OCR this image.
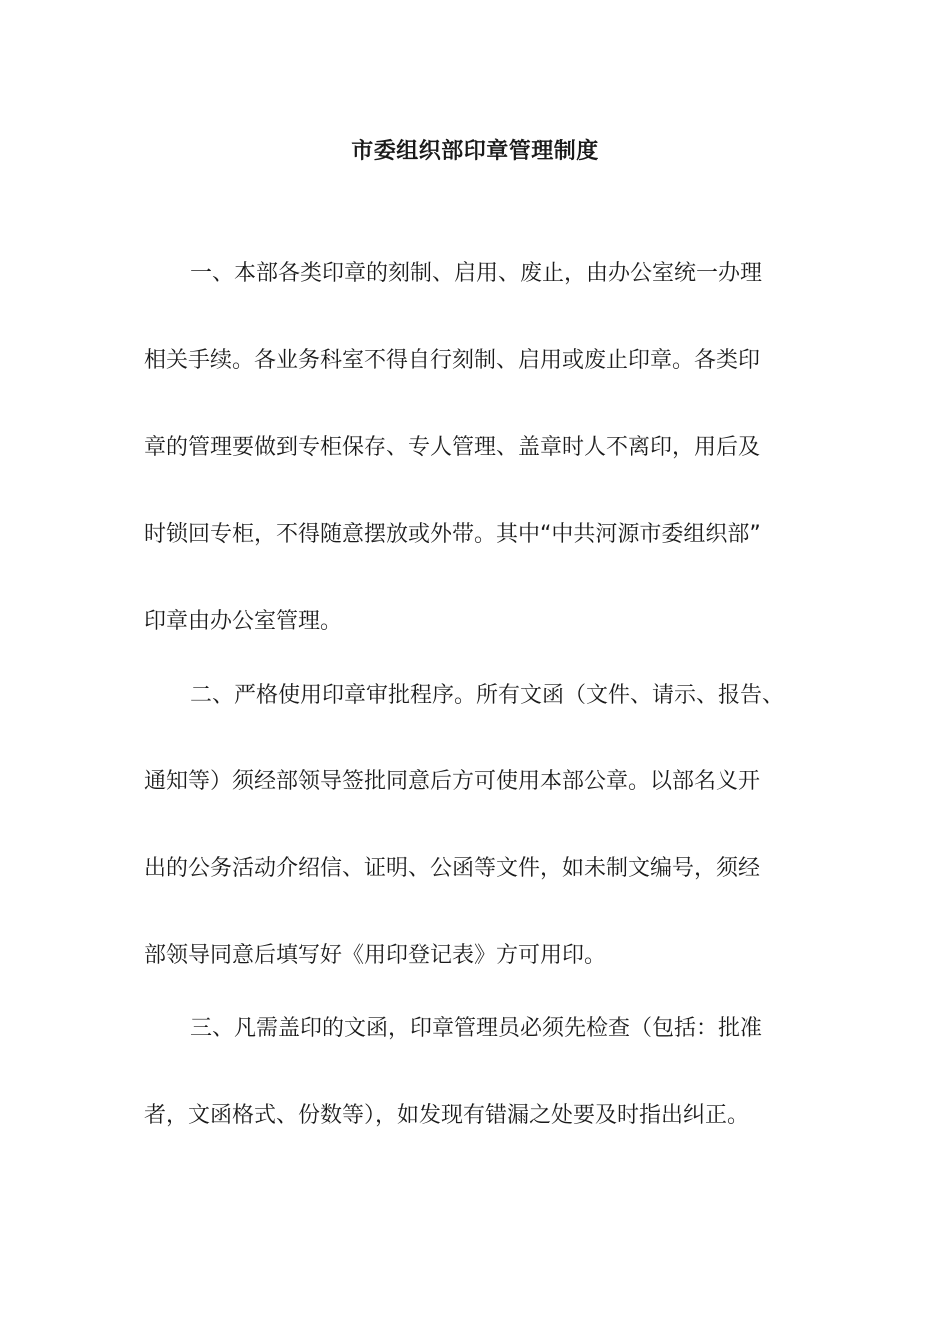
市委组织部印章管理制度
一、本部各类印章的刻制、启用、废止，由办公室统一办理
相关手续。各业务科室不得自行刻制、启用或废止印章。各类印
章的管理要做到专柜保存、专人管理、盖章时人不离印，用后及
时锁回专柜，不得随意摆放或外带。其中“中共河源市委组织部”
印章由办公室管理。
二、严格使用印章审批程序。所有文函（文件、请示、报告、
通知等）须经部领导签批同意后方可使用本部公章。以部名义开
出的公务活动介绍信、证明、公函等文件，如未制文编号，须经
部领导同意后填写好《用印登记表》方可用印。
三、凡需盖印的文函，印章管理员必须先检查（包括：批准
者，文函格式、份数等），如发现有错漏之处要及时指出纠正。
